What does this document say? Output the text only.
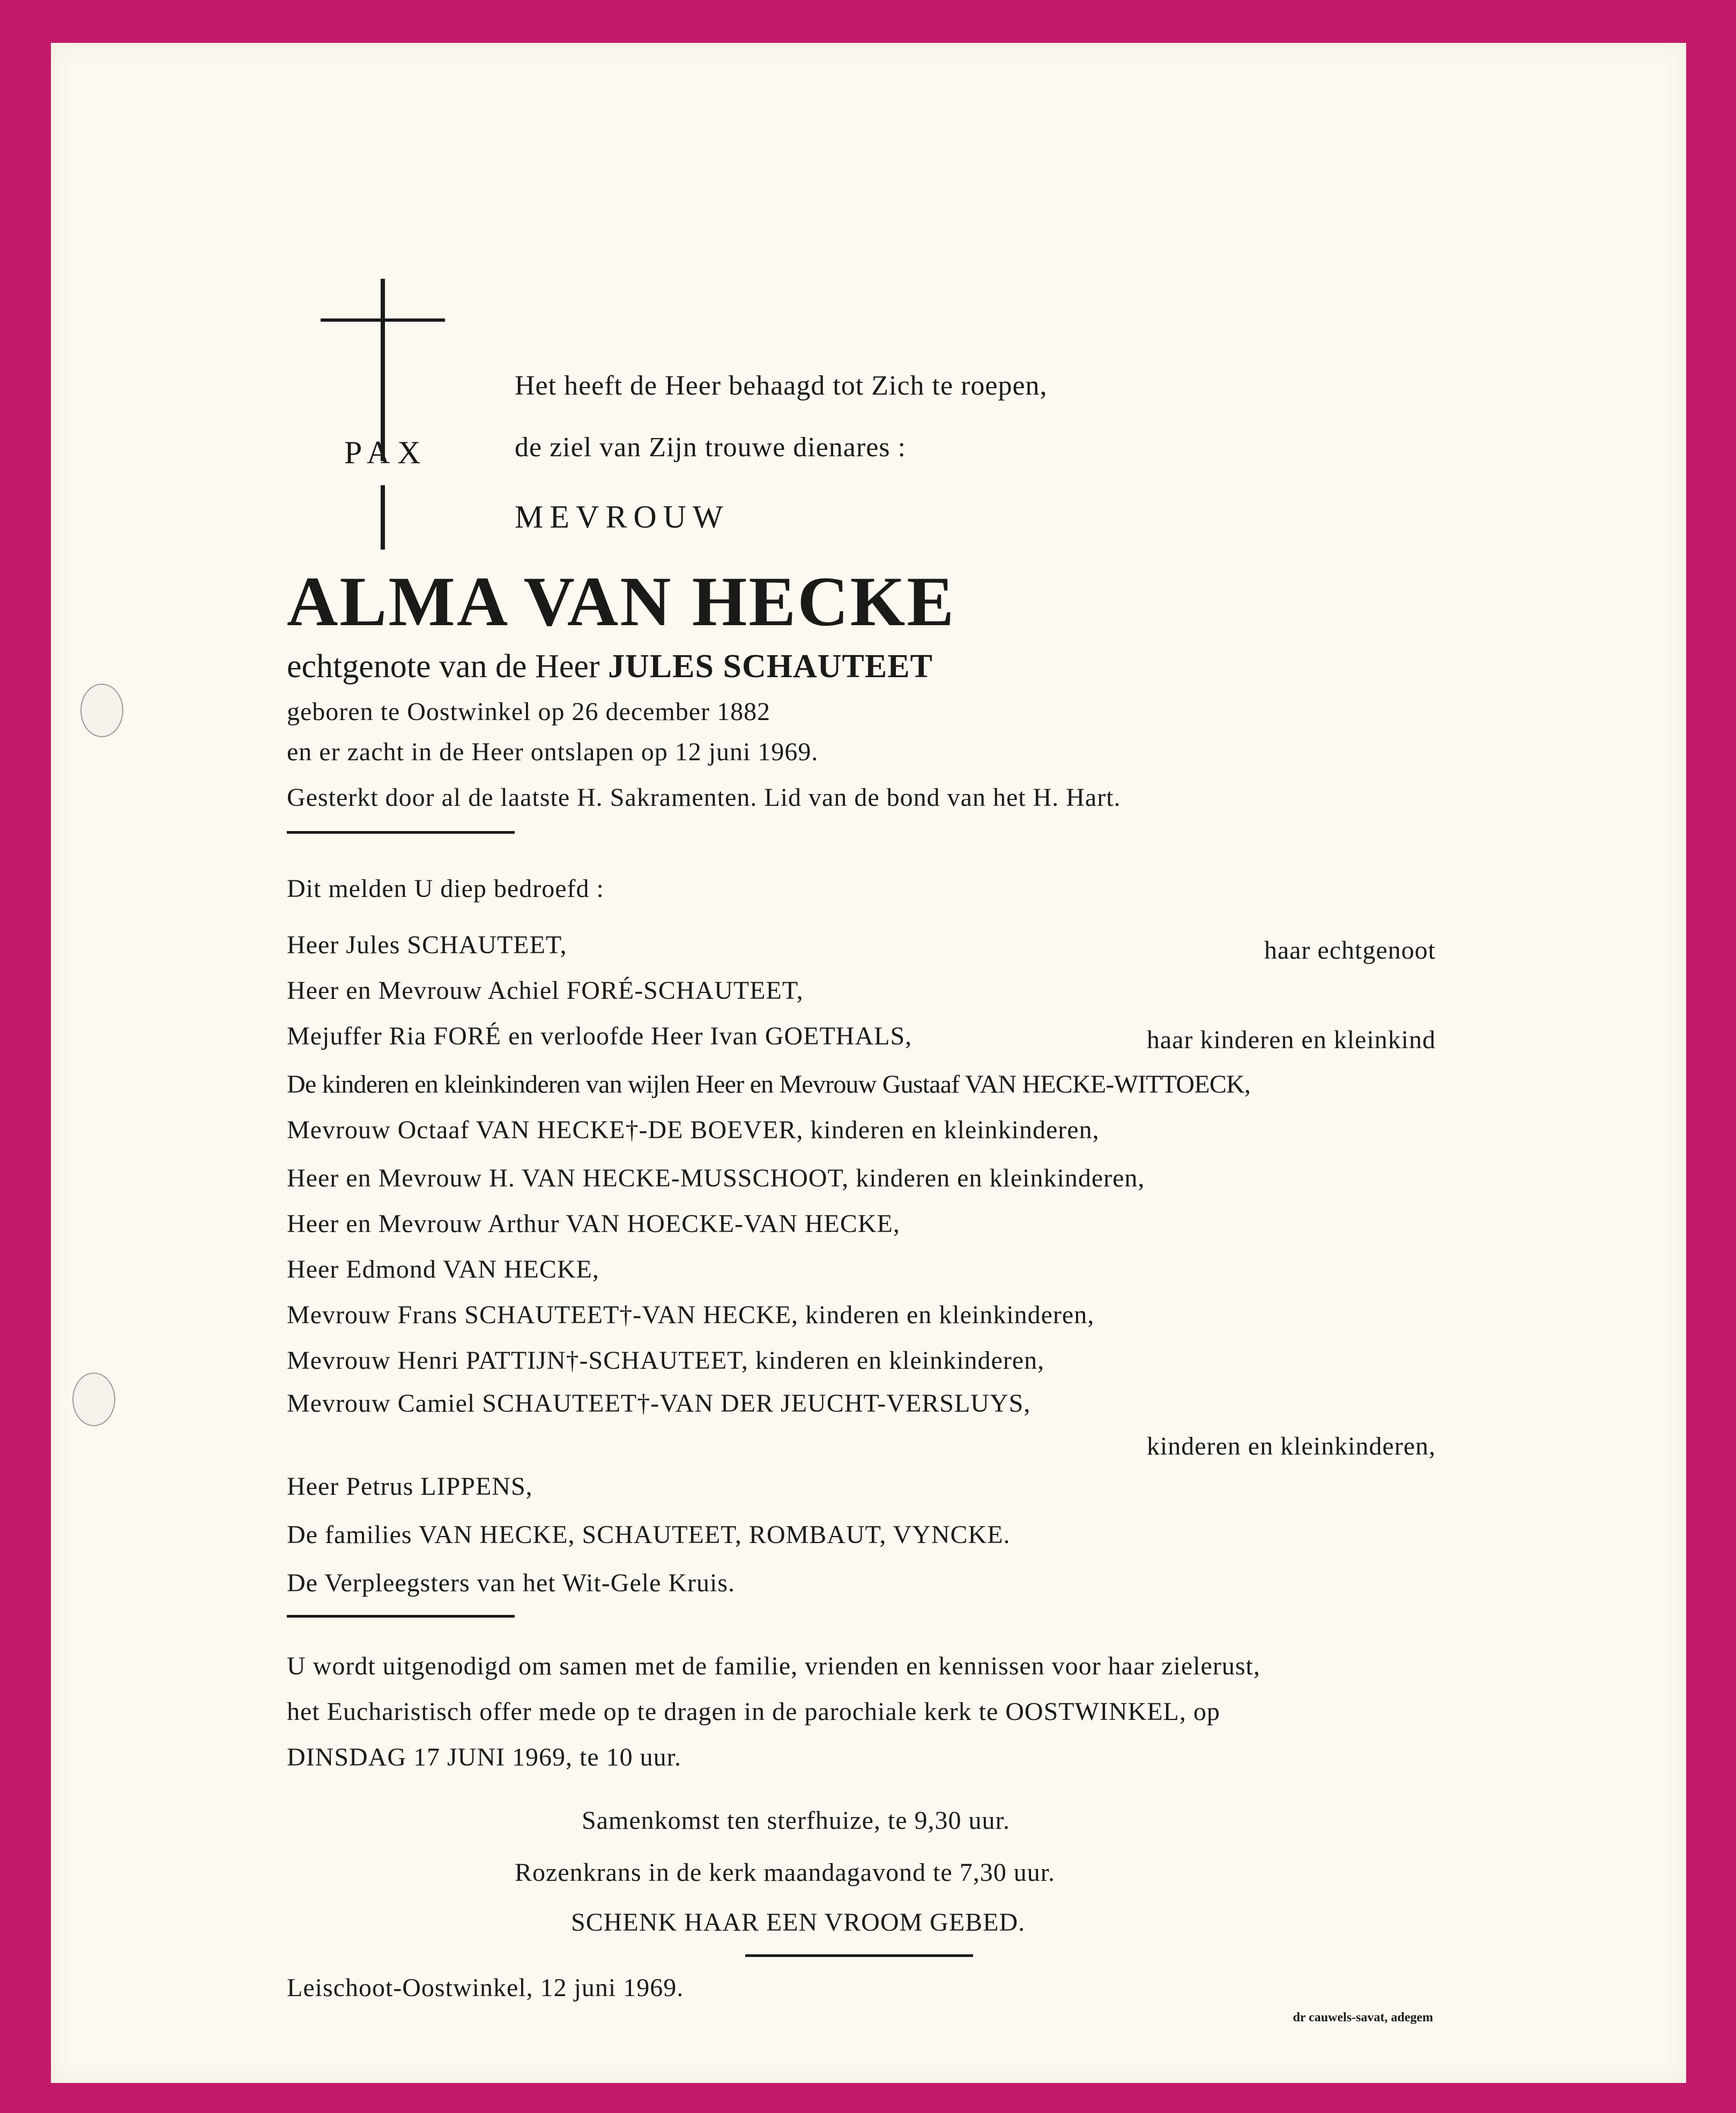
PAX
Het heeft de Heer behaagd tot Zich te roepen,
de ziel van Zijn trouwe dienares :
MEVROUW
ALMA VAN HECKE
echtgenote van de Heer JULES SCHAUTEET
geboren te Oostwinkel op 26 december 1882
en er zacht in de Heer ontslapen op 12 juni 1969.
Gesterkt door al de laatste H. Sakramenten. Lid van de bond van het H. Hart.
Dit melden U diep bedroefd :
Heer Jules SCHAUTEET,	haar echtgenoot
Heer en Mevrouw Achiel FORÉ-SCHAUTEET,
Mejuffer Ria FORÉ en verloofde Heer Ivan GOETHALS,	haar kinderen en kleinkind
De kinderen en kleinkinderen van wijlen Heer en Mevrouw Gustaaf VAN HECKE-WITTOECK,
Mevrouw Octaaf VAN HECKE†-DE BOEVER, kinderen en kleinkinderen,
Heer en Mevrouw H. VAN HECKE-MUSSCHOOT, kinderen en kleinkinderen,
Heer en Mevrouw Arthur VAN HOECKE-VAN HECKE,
Heer Edmond VAN HECKE,
Mevrouw Frans SCHAUTEET†-VAN HECKE, kinderen en kleinkinderen,
Mevrouw Henri PATTIJN†-SCHAUTEET, kinderen en kleinkinderen,
Mevrouw Camiel SCHAUTEET†-VAN DER JEUCHT-VERSLUYS,
kinderen en kleinkinderen,
Heer Petrus LIPPENS,
De families VAN HECKE, SCHAUTEET, ROMBAUT, VYNCKE.
De Verpleegsters van het Wit-Gele Kruis.
U wordt uitgenodigd om samen met de familie, vrienden en kennissen voor haar zielerust,
het Eucharistisch offer mede op te dragen in de parochiale kerk te OOSTWINKEL, op
DINSDAG 17 JUNI 1969, te 10 uur.
Samenkomst ten sterfhuize, te 9,30 uur.
Rozenkrans in de kerk maandagavond te 7,30 uur.
SCHENK HAAR EEN VROOM GEBED.
Leischoot-Oostwinkel, 12 juni 1969.
dr cauwels-savat, adegem
